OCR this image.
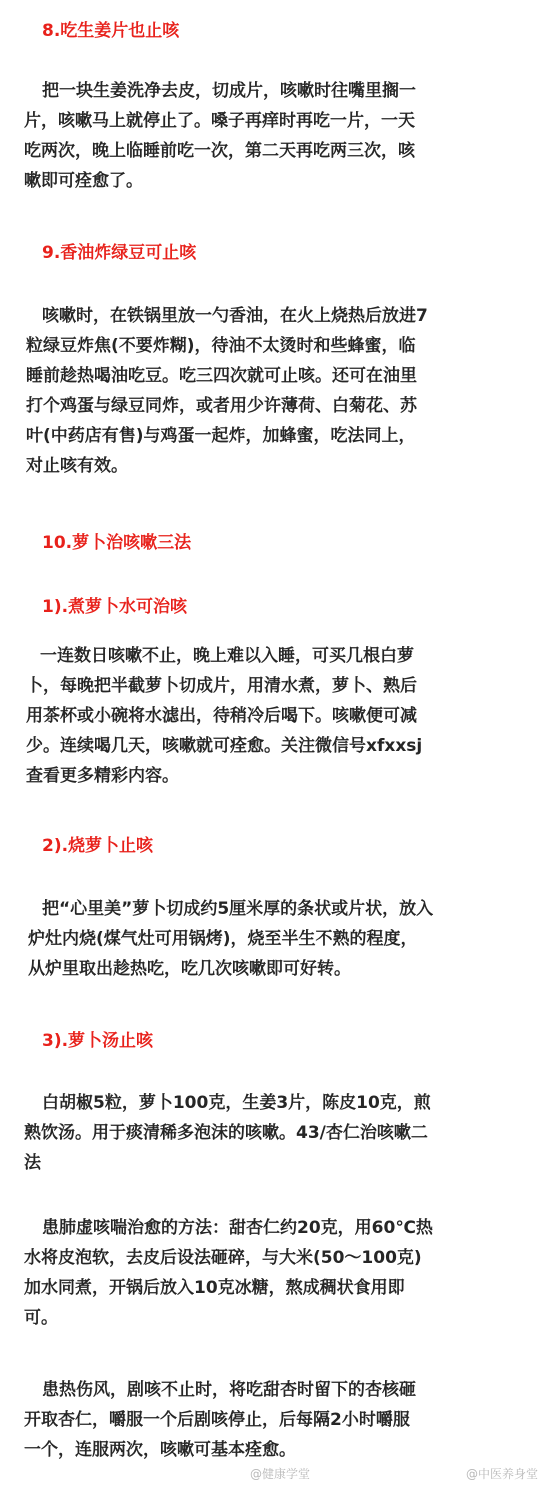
8.吃生姜片也止咳
把一块生姜洗净去皮，切成片，咳嗽时往嘴里搁一
片，咳嗽马上就停止了。嗓子再痒时再吃一片，一天
吃两次，晚上临睡前吃一次，第二天再吃两三次，咳
嗽即可痊愈了。
9.香油炸绿豆可止咳
咳嗽时，在铁锅里放一勺香油，在火上烧热后放进7
粒绿豆炸焦(不要炸糊)，待油不太烫时和些蜂蜜，临
睡前趁热喝油吃豆。吃三四次就可止咳。还可在油里
打个鸡蛋与绿豆同炸，或者用少许薄荷、白菊花、苏
叶(中药店有售)与鸡蛋一起炸，加蜂蜜，吃法同上，
对止咳有效。
10.萝卜治咳嗽三法
1).煮萝卜水可治咳
一连数日咳嗽不止，晚上难以入睡，可买几根白萝
卜，每晚把半截萝卜切成片，用清水煮，萝卜、熟后
用茶杯或小碗将水滤出，待稍冷后喝下。咳嗽便可减
少。连续喝几天，咳嗽就可痊愈。关注微信号xfxxsj
查看更多精彩内容。
2).烧萝卜止咳
把“心里美”萝卜切成约5厘米厚的条状或片状，放入
炉灶内烧(煤气灶可用锅烤)，烧至半生不熟的程度，
从炉里取出趁热吃，吃几次咳嗽即可好转。
3).萝卜汤止咳
白胡椒5粒，萝卜100克，生姜3片，陈皮10克，煎
熟饮汤。用于痰清稀多泡沫的咳嗽。43/杏仁治咳嗽二
法
患肺虚咳喘治愈的方法：甜杏仁约20克，用60℃热
水将皮泡软，去皮后设法砸碎，与大米(50～100克)
加水同煮，开锅后放入10克冰糖，熬成稠状食用即
可。
患热伤风，剧咳不止时，将吃甜杏时留下的杏核砸
开取杏仁，嚼服一个后剧咳停止，后每隔2小时嚼服
一个，连服两次，咳嗽可基本痊愈。
@健康学堂	@中医养身堂
